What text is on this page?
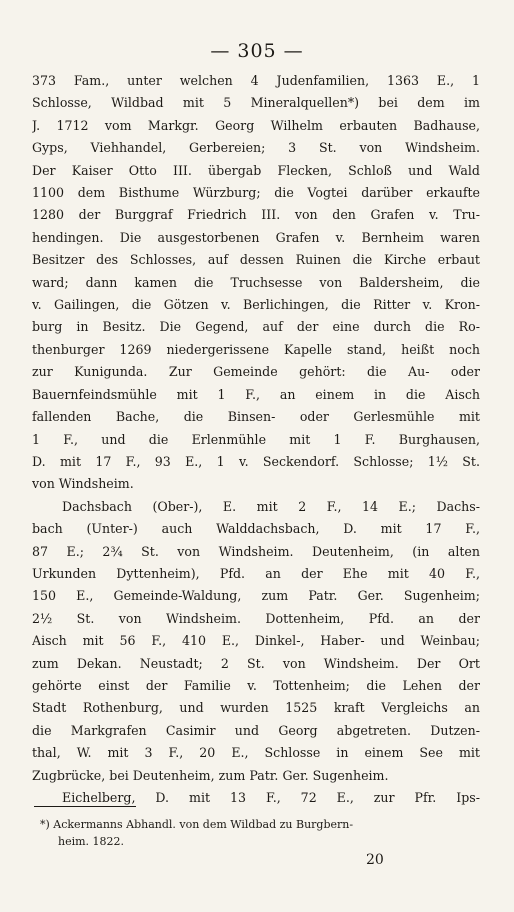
— 305 —
373 Fam., unter welchen 4 Judenfamilien, 1363 E., 1
Schlosse, Wildbad mit 5 Mineralquellen*) bei dem im
J. 1712 vom Markgr. Georg Wilhelm erbauten Badhause,
Gyps, Viehhandel, Gerbereien; 3 St. von Windsheim.
Der Kaiser Otto III. übergab Flecken, Schloß und Wald
1100 dem Bisthume Würzburg; die Vogtei darüber erkaufte
1280 der Burggraf Friedrich III. von den Grafen v. Tru-
hendingen. Die ausgestorbenen Grafen v. Bernheim waren
Besitzer des Schlosses, auf dessen Ruinen die Kirche erbaut
ward; dann kamen die Truchsesse von Baldersheim, die
v. Gailingen, die Götzen v. Berlichingen, die Ritter v. Kron-
burg in Besitz. Die Gegend, auf der eine durch die Ro-
thenburger 1269 niedergerissene Kapelle stand, heißt noch
zur Kunigunda. Zur Gemeinde gehört: die Au- oder
Bauernfeindsmühle mit 1 F., an einem in die Aisch
fallenden Bache, die Binsen- oder Gerlesmühle mit
1 F., und die Erlenmühle mit 1 F. Burghausen,
D. mit 17 F., 93 E., 1 v. Seckendorf. Schlosse; 1½ St.
von Windsheim.
Dachsbach (Ober-), E. mit 2 F., 14 E.; Dachs-
bach (Unter-) auch Walddachsbach, D. mit 17 F.,
87 E.; 2¾ St. von Windsheim. Deutenheim, (in alten
Urkunden Dyttenheim), Pfd. an der Ehe mit 40 F.,
150 E., Gemeinde-Waldung, zum Patr. Ger. Sugenheim;
2½ St. von Windsheim. Dottenheim, Pfd. an der
Aisch mit 56 F., 410 E., Dinkel-, Haber- und Weinbau;
zum Dekan. Neustadt; 2 St. von Windsheim. Der Ort
gehörte einst der Familie v. Tottenheim; die Lehen der
Stadt Rothenburg, und wurden 1525 kraft Vergleichs an
die Markgrafen Casimir und Georg abgetreten. Dutzen-
thal, W. mit 3 F., 20 E., Schlosse in einem See mit
Zugbrücke, bei Deutenheim, zum Patr. Ger. Sugenheim.
Eichelberg, D. mit 13 F., 72 E., zur Pfr. Ips-
*) Ackermanns Abhandl. von dem Wildbad zu Burgbern-
heim. 1822.
20
